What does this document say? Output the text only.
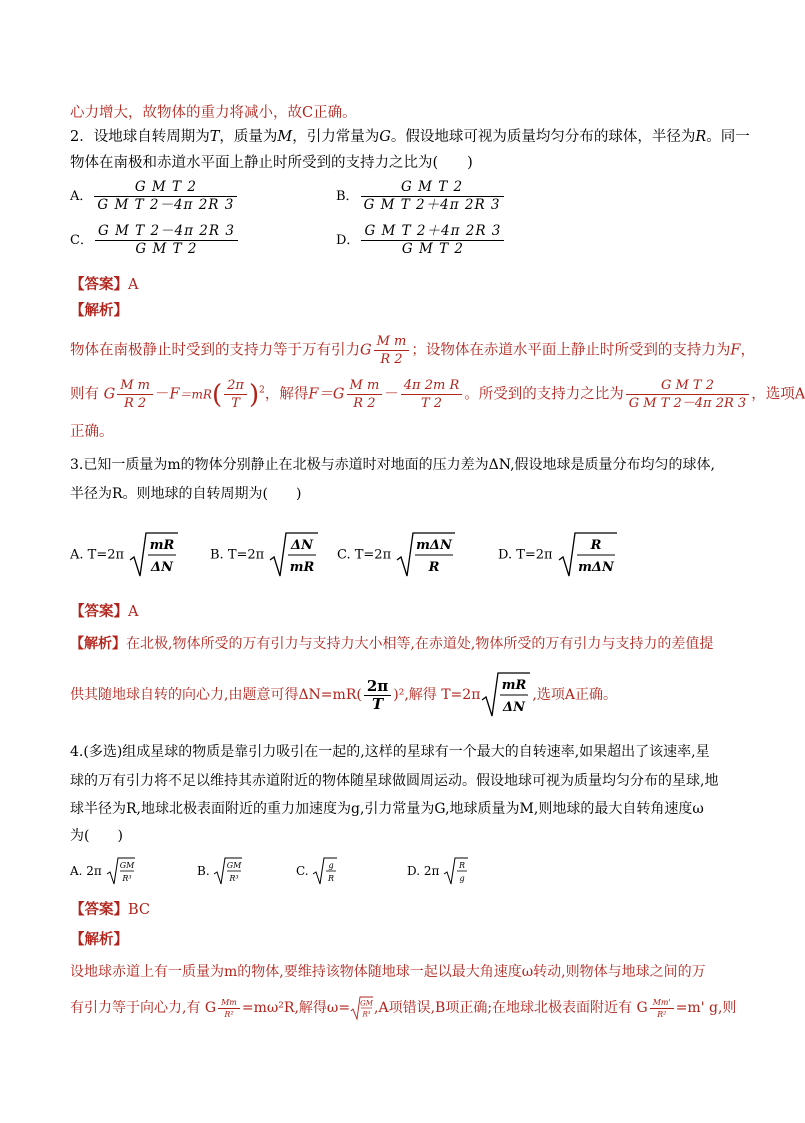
心力增大，故物体的重力将减小，故C正确。
2．设地球自转周期为T，质量为M，引力常量为G。假设地球可视为质量均匀分布的球体，半径为R。同一
物体在南极和赤道水平面上静止时所受到的支持力之比为(　　)
A． $\frac{\text{G M T 2}}{\text{G M T 2－4π 2R 3}}$	B． $\frac{\text{G M T 2}}{\text{G M T 2＋4π 2R 3}}$
C． $\frac{\text{G M T 2－4π 2R 3}}{\text{G M T 2}}$	D． $\frac{\text{G M T 2＋4π 2R 3}}{\text{G M T 2}}$
【答案】A
【解析】
物体在南极静止时受到的支持力等于万有引力G $\frac{\text{M m}}{R 2}$ ；设物体在赤道水平面上静止时所受到的支持力为F，
则有 G $\frac{\text{M m}}{R 2} -F=mR( \frac{2\pi}{T} )^2$，解得$F=G \frac{\text{M m}}{R 2} - \frac{\text{4π 2m R}}{T 2}$ 。所受到的支持力之比为 $\frac{\text{G M T 2}}{\text{G M T 2－4π 2R 3}}$ ，选项A
正确。
3.已知一质量为m的物体分别静止在北极与赤道时对地面的压力差为ΔN,假设地球是质量分布均匀的球体,
半径为R。则地球的自转周期为(　　)
A. T=2π
mR
ΔN
B. T=2π
ΔN
mR
C. T=2π
mΔN
R
D. T=2π
R
mΔN
【答案】A
【解析】在北极,物体所受的万有引力与支持力大小相等,在赤道处,物体所受的万有引力与支持力的差值提
供其随地球自转的向心力,由题意可得$\Delta N=mR( \frac{2\pi}{T} )^2$,解得 T=2π
mR
ΔN
,选项A正确。
4.(多选)组成星球的物质是靠引力吸引在一起的,这样的星球有一个最大的自转速率,如果超出了该速率,星
球的万有引力将不足以维持其赤道附近的物体随星球做圆周运动。假设地球可视为质量均匀分布的星球,地
球半径为R,地球北极表面附近的重力加速度为g,引力常量为G,地球质量为M,则地球的最大自转角速度ω
为(　　)
A. 2π GM
R³
B. GM
R³
C.	g
R
D. 2π R
g
【答案】BC
【解析】
设地球赤道上有一质量为m的物体,要维持该物体随地球一起以最大角速度ω转动,则物体与地球之间的万
有引力等于向心力,有 G $\frac{Mm}{\text{R²}} =m\omega^2R$,解得ω= GM
R³ ,A项错误,B项正确;在地球北极表面附近有 G $\frac{Mm'}{\text{R²}} =m'$ g,则
